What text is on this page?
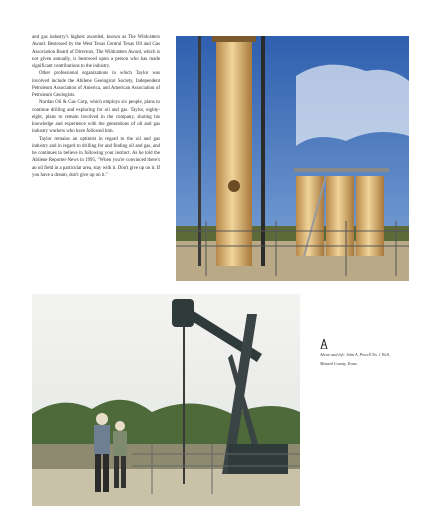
and gas industry's highest awarded, known as The Wildcatters Award. Bestowed by the West Texas Central Texas Oil and Gas Association Board of Directors, The Wildcatters Award, which is not given annually, is bestowed upon a person who has made significant contributions to the industry.

Other professional organizations in which Taylor was involved include the Abilene Geological Society, Independent Petroleum Association of America, and American Association of Petroleum Geologists.

Nordan Oil & Gas Corp, which employs six people, plans to continue drilling and exploring for oil and gas. Taylor, eighty-eight, plans to remain involved in the company, sharing his knowledge and experience with the generations of oil and gas industry workers who have followed him.

Taylor remains an optimist in regard to the oil and gas industry and in regard to drilling for and finding oil and gas, and he continues to believe in following your instinct. As he told the Abilene Reporter-News in 1995, "When you're convinced there's an oil field in a particular area, stay with it. Don't give up on it. If you have a dream, don't give up on it."

Above and left: John A. Powell No. 1 Well,
Menard County, Texas.
